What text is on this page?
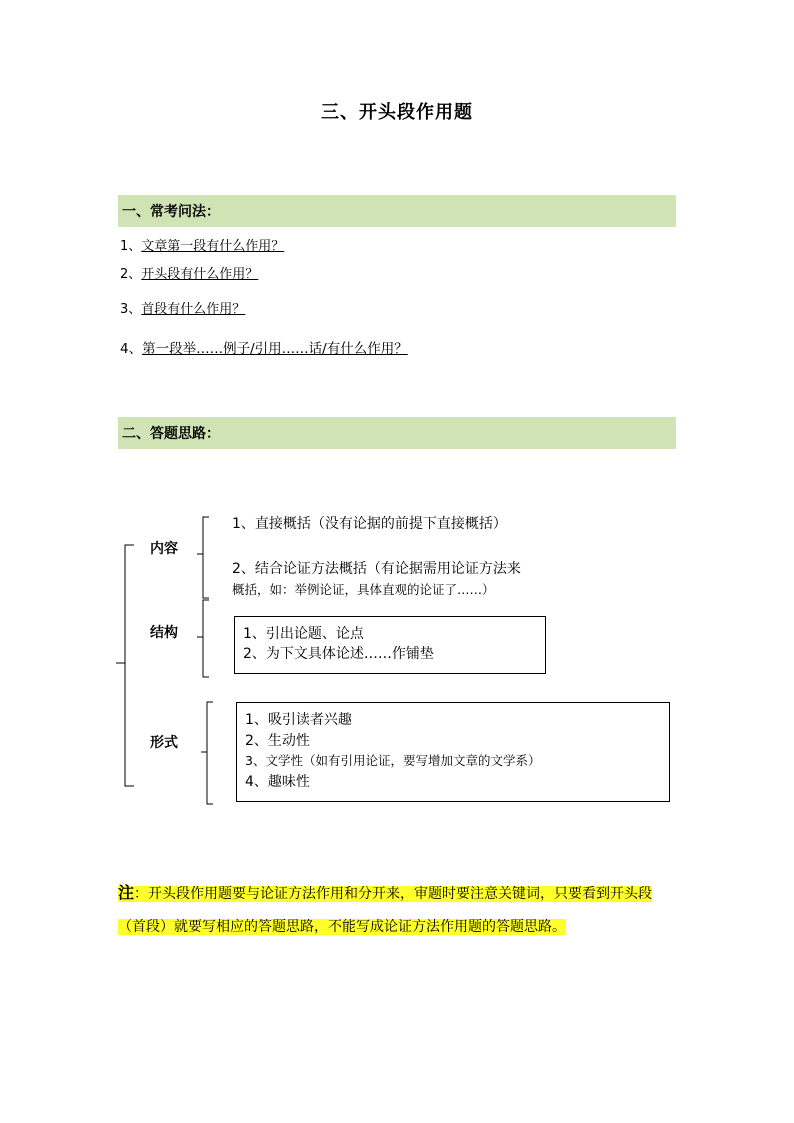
三、开头段作用题
一、常考问法：
1、文章第一段有什么作用？
2、开头段有什么作用？
3、首段有什么作用？
4、第一段举……例子/引用……话/有什么作用？
二、答题思路：
内容
1、直接概括（没有论据的前提下直接概括）
2、结合论证方法概括（有论据需用论证方法来
概括，如：举例论证，具体直观的论证了……）
结构	1、引出论题、论点
2、为下文具体论述……作铺垫
形式
1、吸引读者兴趣
2、生动性
3、文学性（如有引用论证，要写增加文章的文学系）
4、趣味性
注：开头段作用题要与论证方法作用和分开来，审题时要注意关键词，只要看到开头段（首段）就要写相应的答题思路，不能写成论证方法作用题的答题思路。
